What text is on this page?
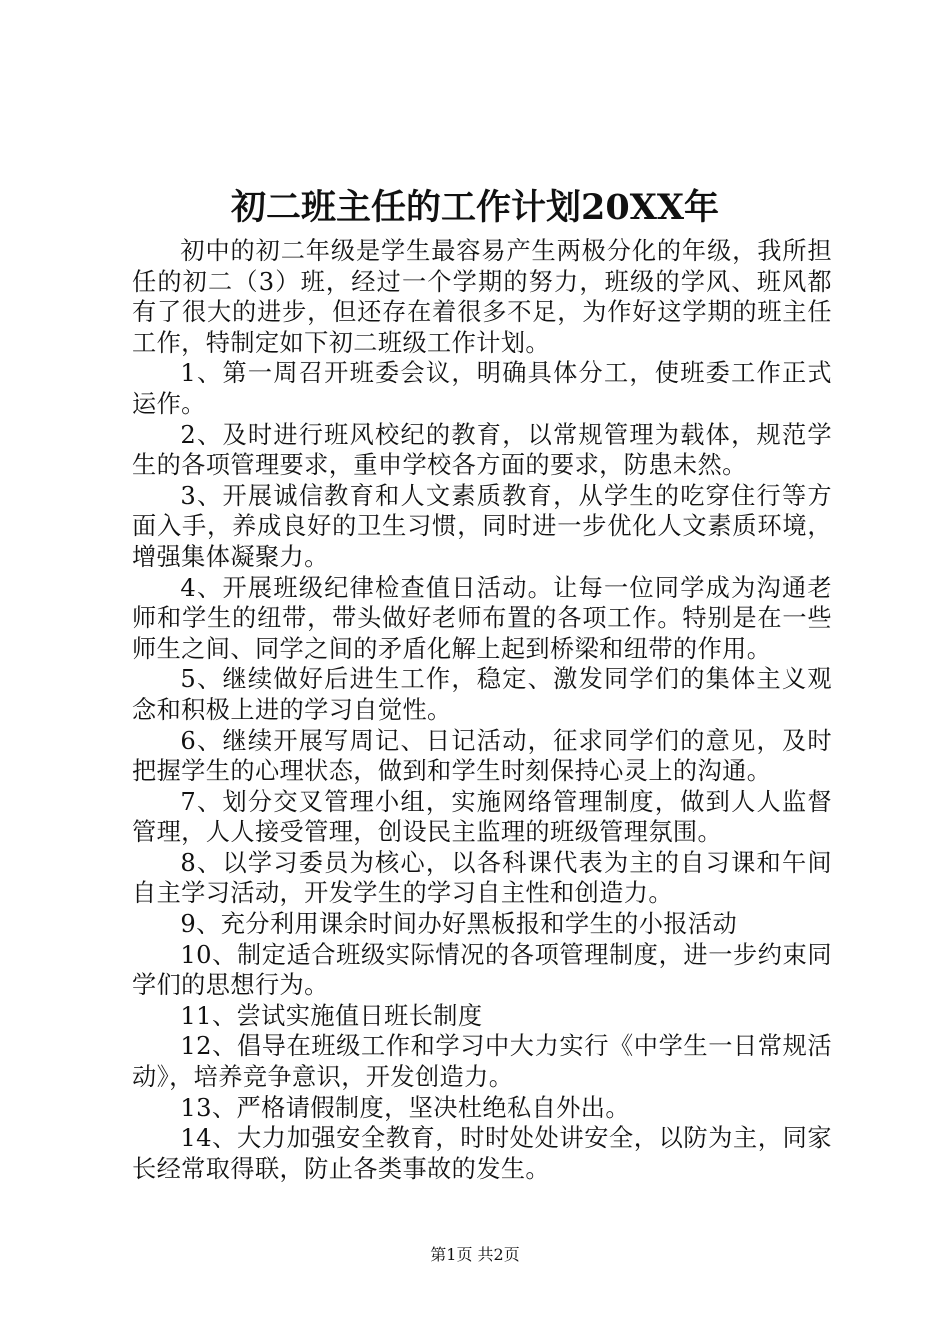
初二班主任的工作计划20XX年

初中的初二年级是学生最容易产生两极分化的年级，我所担任的初二（3）班，经过一个学期的努力，班级的学风、班风都有了很大的进步，但还存在着很多不足，为作好这学期的班主任工作，特制定如下初二班级工作计划。

1、第一周召开班委会议，明确具体分工，使班委工作正式运作。

2、及时进行班风校纪的教育，以常规管理为载体，规范学生的各项管理要求，重申学校各方面的要求，防患未然。

3、开展诚信教育和人文素质教育，从学生的吃穿住行等方面入手，养成良好的卫生习惯，同时进一步优化人文素质环境，增强集体凝聚力。

4、开展班级纪律检查值日活动。让每一位同学成为沟通老师和学生的纽带，带头做好老师布置的各项工作。特别是在一些师生之间、同学之间的矛盾化解上起到桥梁和纽带的作用。

5、继续做好后进生工作，稳定、激发同学们的集体主义观念和积极上进的学习自觉性。

6、继续开展写周记、日记活动，征求同学们的意见，及时把握学生的心理状态，做到和学生时刻保持心灵上的沟通。

7、划分交叉管理小组，实施网络管理制度，做到人人监督管理，人人接受管理，创设民主监理的班级管理氛围。

8、以学习委员为核心，以各科课代表为主的自习课和午间自主学习活动，开发学生的学习自主性和创造力。

9、充分利用课余时间办好黑板报和学生的小报活动

10、制定适合班级实际情况的各项管理制度，进一步约束同学们的思想行为。

11、尝试实施值日班长制度

12、倡导在班级工作和学习中大力实行《中学生一日常规活动》，培养竞争意识，开发创造力。

13、严格请假制度，坚决杜绝私自外出。

14、大力加强安全教育，时时处处讲安全，以防为主，同家长经常取得联，防止各类事故的发生。

第1页 共2页
